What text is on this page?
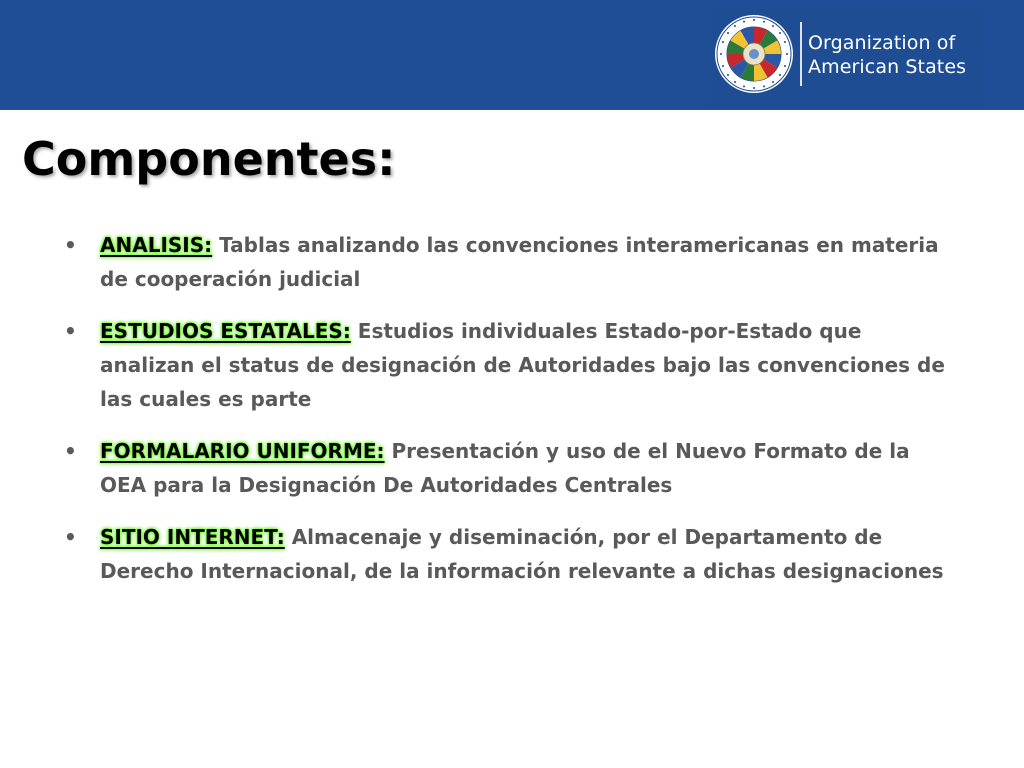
Organization of
American States
Componentes:
• ANALISIS: Tablas analizando las convenciones interamericanas en materia de cooperación judicial
• ESTUDIOS ESTATALES: Estudios individuales Estado-por-Estado que analizan el status de designación de Autoridades bajo las convenciones de las cuales es parte
• FORMALARIO UNIFORME: Presentación y uso de el Nuevo Formato de la OEA para la Designación De Autoridades Centrales
• SITIO INTERNET: Almacenaje y diseminación, por el Departamento de Derecho Internacional, de la información relevante a dichas designaciones
